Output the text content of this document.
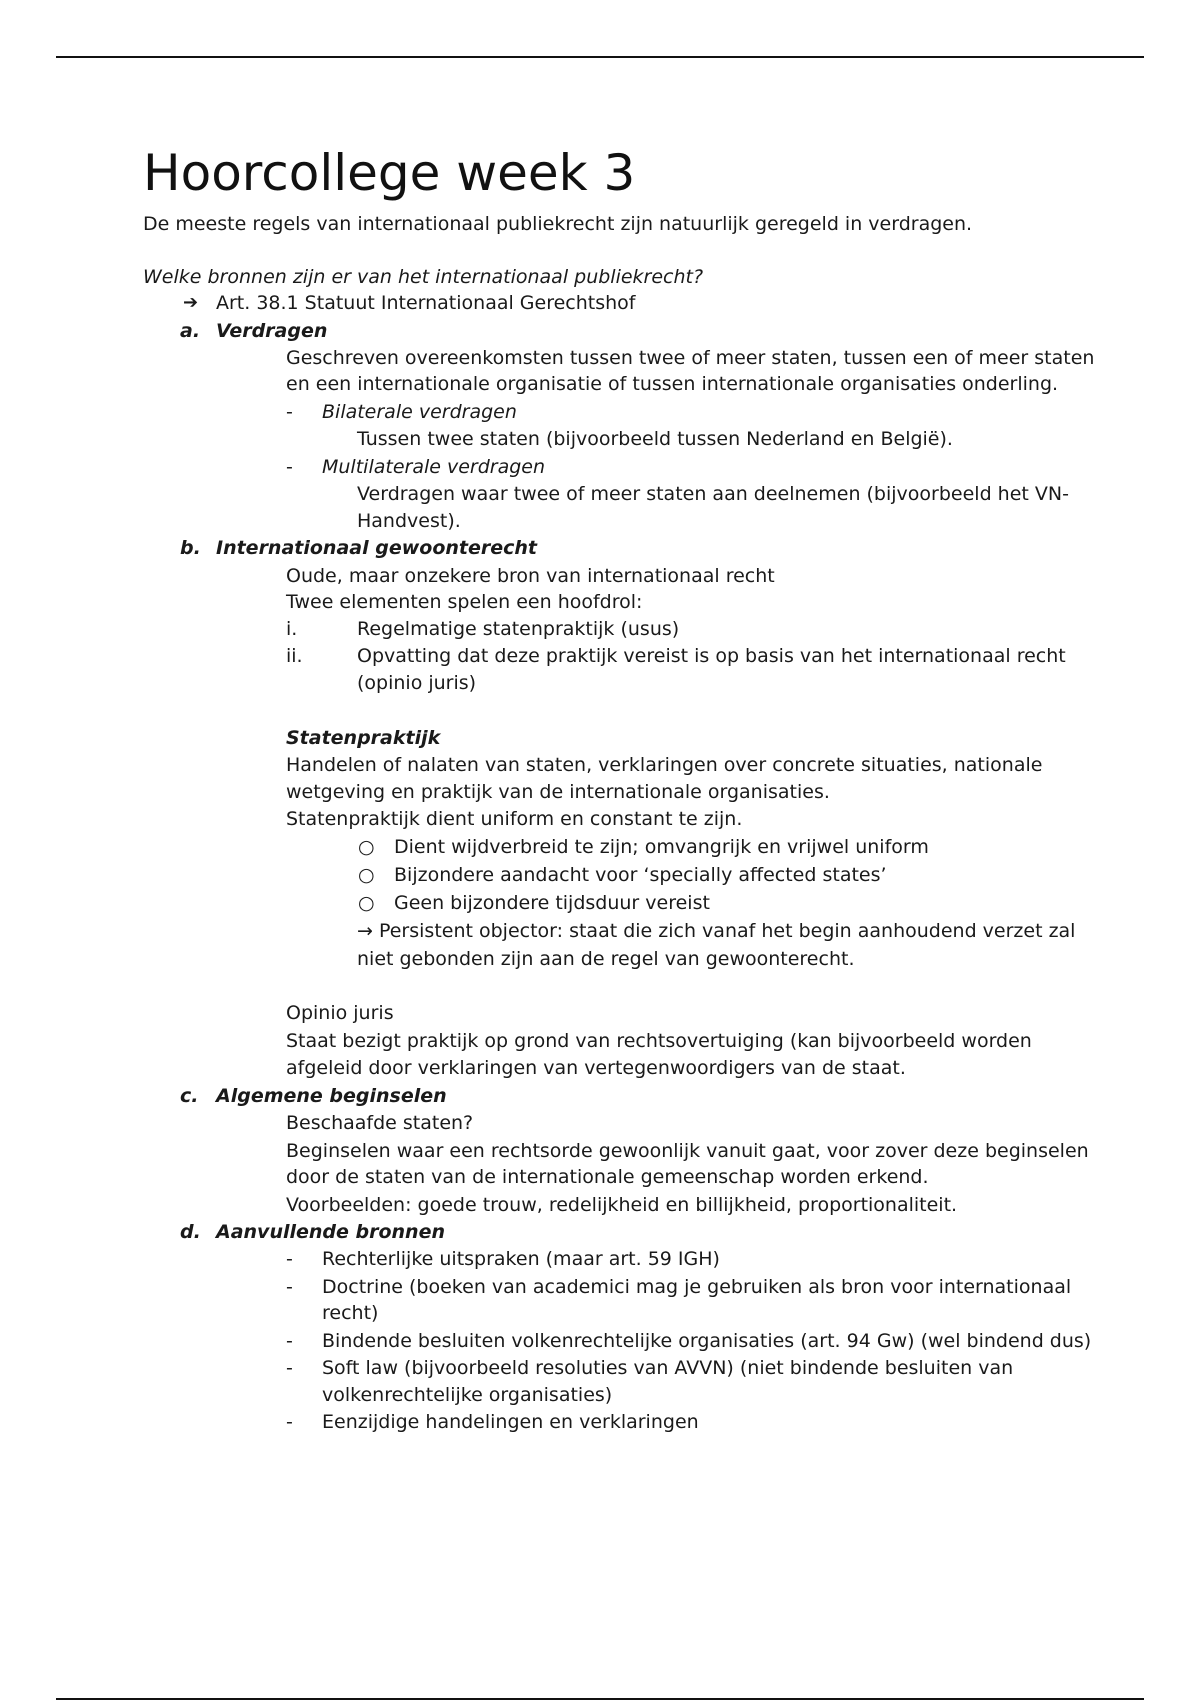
Hoorcollege week 3
De meeste regels van internationaal publiekrecht zijn natuurlijk geregeld in verdragen.
Welke bronnen zijn er van het internationaal publiekrecht?
➔ Art. 38.1 Statuut Internationaal Gerechtshof
a. Verdragen
Geschreven overeenkomsten tussen twee of meer staten, tussen een of meer staten
en een internationale organisatie of tussen internationale organisaties onderling.
- Bilaterale verdragen
Tussen twee staten (bijvoorbeeld tussen Nederland en België).
- Multilaterale verdragen
Verdragen waar twee of meer staten aan deelnemen (bijvoorbeeld het VN-
Handvest).
b. Internationaal gewoonterecht
Oude, maar onzekere bron van internationaal recht
Twee elementen spelen een hoofdrol:
i.	Regelmatige statenpraktijk (usus)
ii.	Opvatting dat deze praktijk vereist is op basis van het internationaal recht
(opinio juris)
Statenpraktijk
Handelen of nalaten van staten, verklaringen over concrete situaties, nationale
wetgeving en praktijk van de internationale organisaties.
Statenpraktijk dient uniform en constant te zijn.
○ Dient wijdverbreid te zijn; omvangrijk en vrijwel uniform
○ Bijzondere aandacht voor ‘specially affected states’
○ Geen bijzondere tijdsduur vereist
→ Persistent objector: staat die zich vanaf het begin aanhoudend verzet zal
niet gebonden zijn aan de regel van gewoonterecht.
Opinio juris
Staat bezigt praktijk op grond van rechtsovertuiging (kan bijvoorbeeld worden
afgeleid door verklaringen van vertegenwoordigers van de staat.
c. Algemene beginselen
Beschaafde staten?
Beginselen waar een rechtsorde gewoonlijk vanuit gaat, voor zover deze beginselen
door de staten van de internationale gemeenschap worden erkend.
Voorbeelden: goede trouw, redelijkheid en billijkheid, proportionaliteit.
d. Aanvullende bronnen
- Rechterlijke uitspraken (maar art. 59 IGH)
- Doctrine (boeken van academici mag je gebruiken als bron voor internationaal
recht)
- Bindende besluiten volkenrechtelijke organisaties (art. 94 Gw) (wel bindend dus)
- Soft law (bijvoorbeeld resoluties van AVVN) (niet bindende besluiten van
volkenrechtelijke organisaties)
- Eenzijdige handelingen en verklaringen
